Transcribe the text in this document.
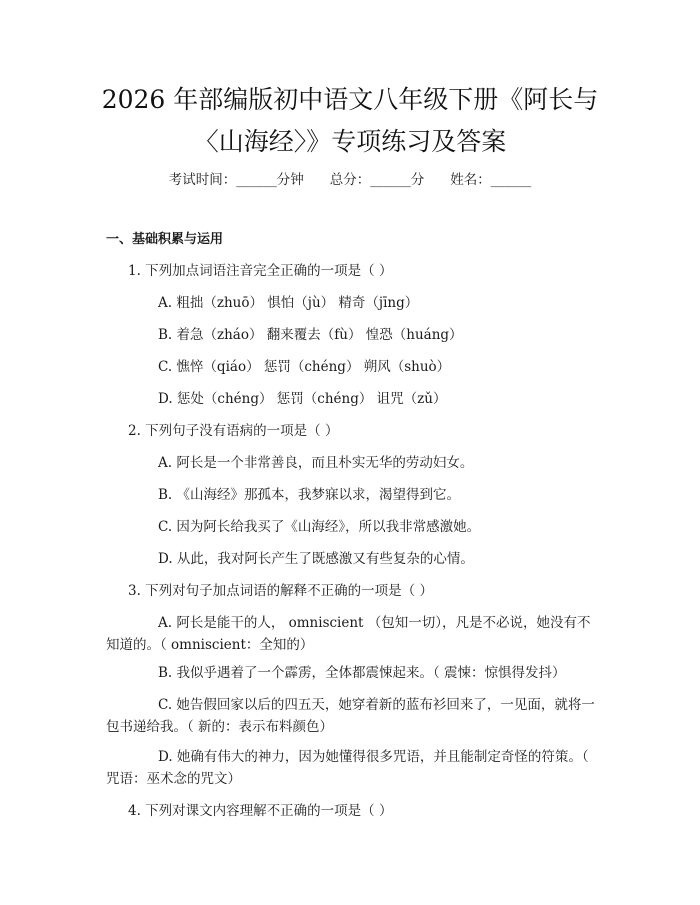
2026 年部编版初中语文八年级下册《阿长与
〈山海经〉》专项练习及答案
考试时间：______分钟 总分：______分 姓名：______
一、基础积累与运用
1. 下列加点词语注音完全正确的一项是（ ）
A. 粗拙（zhuō） 惧怕（jù） 精奇（jīng）
B. 着急（zháo） 翻来覆去（fù） 惶恐（huáng）
C. 憔悴（qiáo） 惩罚（chéng） 朔风（shuò）
D. 惩处（chéng） 惩罚（chéng） 诅咒（zǔ）
2. 下列句子没有语病的一项是（ ）
A. 阿长是一个非常善良，而且朴实无华的劳动妇女。
B. 《山海经》那孤本，我梦寐以求，渴望得到它。
C. 因为阿长给我买了《山海经》，所以我非常感激她。
D. 从此，我对阿长产生了既感激又有些复杂的心情。
3. 下列对句子加点词语的解释不正确的一项是（ ）
A. 阿长是能干的人， omniscient （包知一切），凡是不必说，她没有不知道的。（ omniscient：全知的）
B. 我似乎遇着了一个霹雳，全体都震悚起来。（ 震悚：惊惧得发抖）
C. 她告假回家以后的四五天，她穿着新的蓝布衫回来了，一见面，就将一包书递给我。（ 新的：表示布料颜色）
D. 她确有伟大的神力，因为她懂得很多咒语，并且能制定奇怪的符策。（ 咒语：巫术念的咒文）
4. 下列对课文内容理解不正确的一项是（ ）
